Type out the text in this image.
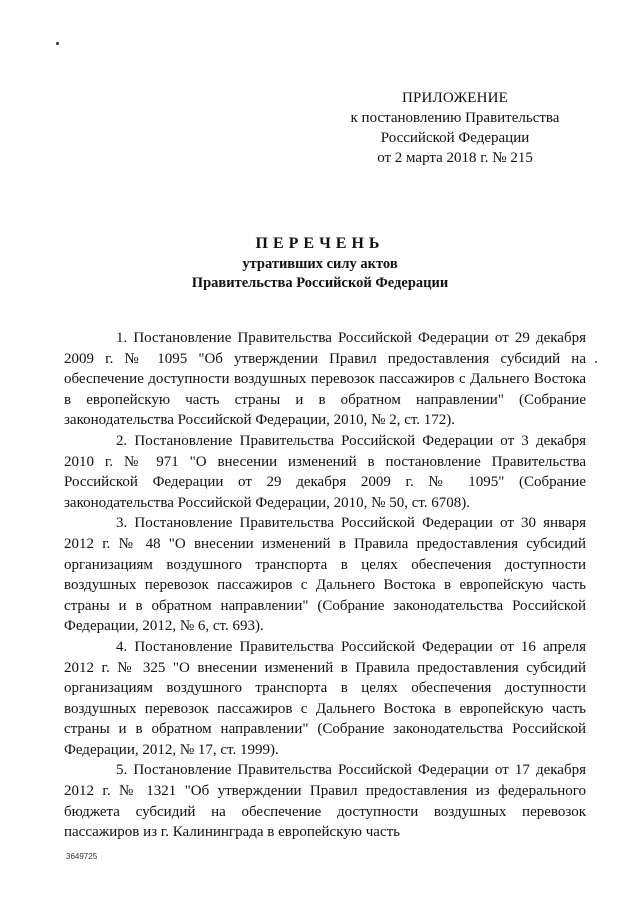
ПРИЛОЖЕНИЕ
к постановлению Правительства
Российской Федерации
от 2 марта 2018 г. № 215
ПЕРЕЧЕНЬ
утративших силу актов
Правительства Российской Федерации

1. Постановление Правительства Российской Федерации от 29 декабря 2009 г. № 1095 "Об утверждении Правил предоставления субсидий на обеспечение доступности воздушных перевозок пассажиров с Дальнего Востока в европейскую часть страны и в обратном направлении" (Собрание законодательства Российской Федерации, 2010, № 2, ст. 172).

2. Постановление Правительства Российской Федерации от 3 декабря 2010 г. № 971 "О внесении изменений в постановление Правительства Российской Федерации от 29 декабря 2009 г. № 1095" (Собрание законодательства Российской Федерации, 2010, № 50, ст. 6708).

3. Постановление Правительства Российской Федерации от 30 января 2012 г. № 48 "О внесении изменений в Правила предоставления субсидий организациям воздушного транспорта в целях обеспечения доступности воздушных перевозок пассажиров с Дальнего Востока в европейскую часть страны и в обратном направлении" (Собрание законодательства Российской Федерации, 2012, № 6, ст. 693).

4. Постановление Правительства Российской Федерации от 16 апреля 2012 г. № 325 "О внесении изменений в Правила предоставления субсидий организациям воздушного транспорта в целях обеспечения доступности воздушных перевозок пассажиров с Дальнего Востока в европейскую часть страны и в обратном направлении" (Собрание законодательства Российской Федерации, 2012, № 17, ст. 1999).

5. Постановление Правительства Российской Федерации от 17 декабря 2012 г. № 1321 "Об утверждении Правил предоставления из федерального бюджета субсидий на обеспечение доступности воздушных перевозок пассажиров из г. Калининграда в европейскую часть

3649725
